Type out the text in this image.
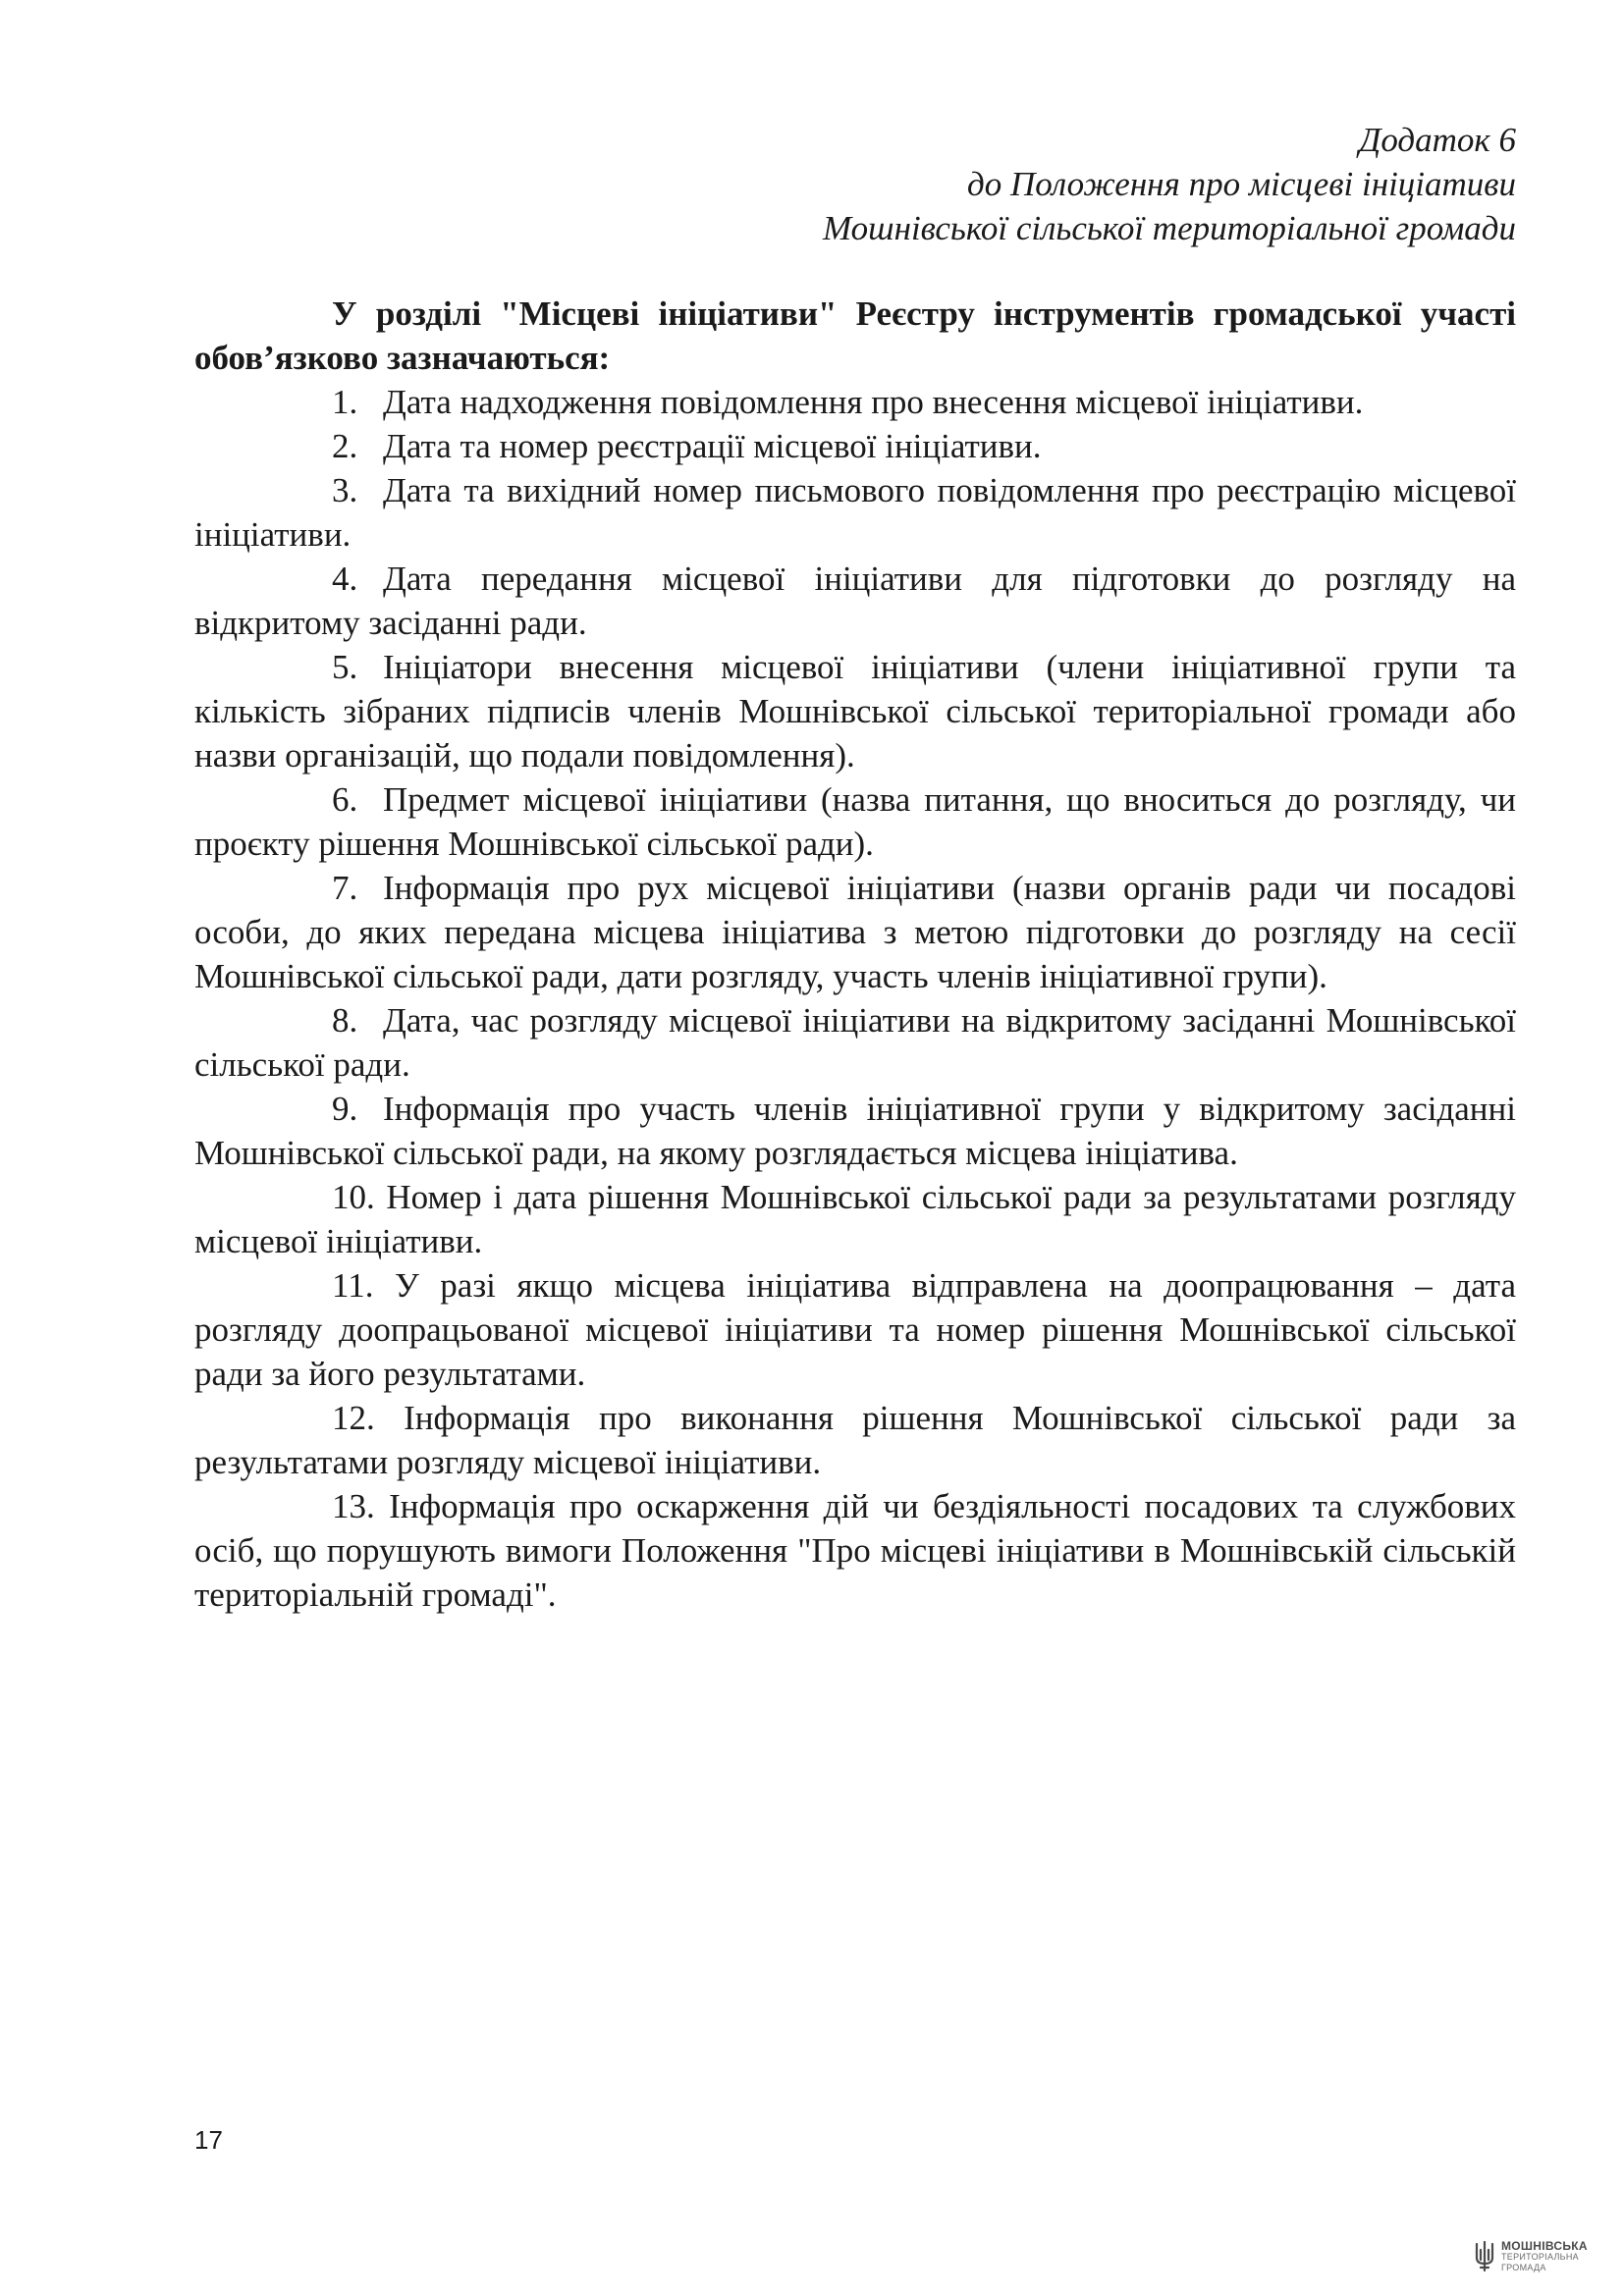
Додаток 6
до Положення про місцеві ініціативи
Мошнівської сільської територіальної громади

У розділі "Місцеві ініціативи" Реєстру інструментів громадської участі обов’язково зазначаються:

1. Дата надходження повідомлення про внесення місцевої ініціативи.

2. Дата та номер реєстрації місцевої ініціативи.

3. Дата та вихідний номер письмового повідомлення про реєстрацію місцевої ініціативи.

4. Дата передання місцевої ініціативи для підготовки до розгляду на відкритому засіданні ради.

5. Ініціатори внесення місцевої ініціативи (члени ініціативної групи та кількість зібраних підписів членів Мошнівської сільської територіальної громади або назви організацій, що подали повідомлення).

6. Предмет місцевої ініціативи (назва питання, що вноситься до розгляду, чи проєкту рішення Мошнівської сільської ради).

7. Інформація про рух місцевої ініціативи (назви органів ради чи посадові особи, до яких передана місцева ініціатива з метою підготовки до розгляду на сесії Мошнівської сільської ради, дати розгляду, участь членів ініціативної групи).

8. Дата, час розгляду місцевої ініціативи на відкритому засіданні Мошнівської сільської ради.

9. Інформація про участь членів ініціативної групи у відкритому засіданні Мошнівської сільської ради, на якому розглядається місцева ініціатива.

10. Номер і дата рішення Мошнівської сільської ради за результатами розгляду місцевої ініціативи.

11. У разі якщо місцева ініціатива відправлена на доопрацювання – дата розгляду доопрацьованої місцевої ініціативи та номер рішення Мошнівської сільської ради за його результатами.

12. Інформація про виконання рішення Мошнівської сільської ради за результатами розгляду місцевої ініціативи.

13. Інформація про оскарження дій чи бездіяльності посадових та службових осіб, що порушують вимоги Положення "Про місцеві ініціативи в Мошнівській сільській територіальній громаді".

17
МОШНІВСЬКА
ТЕРИТОРІАЛЬНА
ГРОМАДА
